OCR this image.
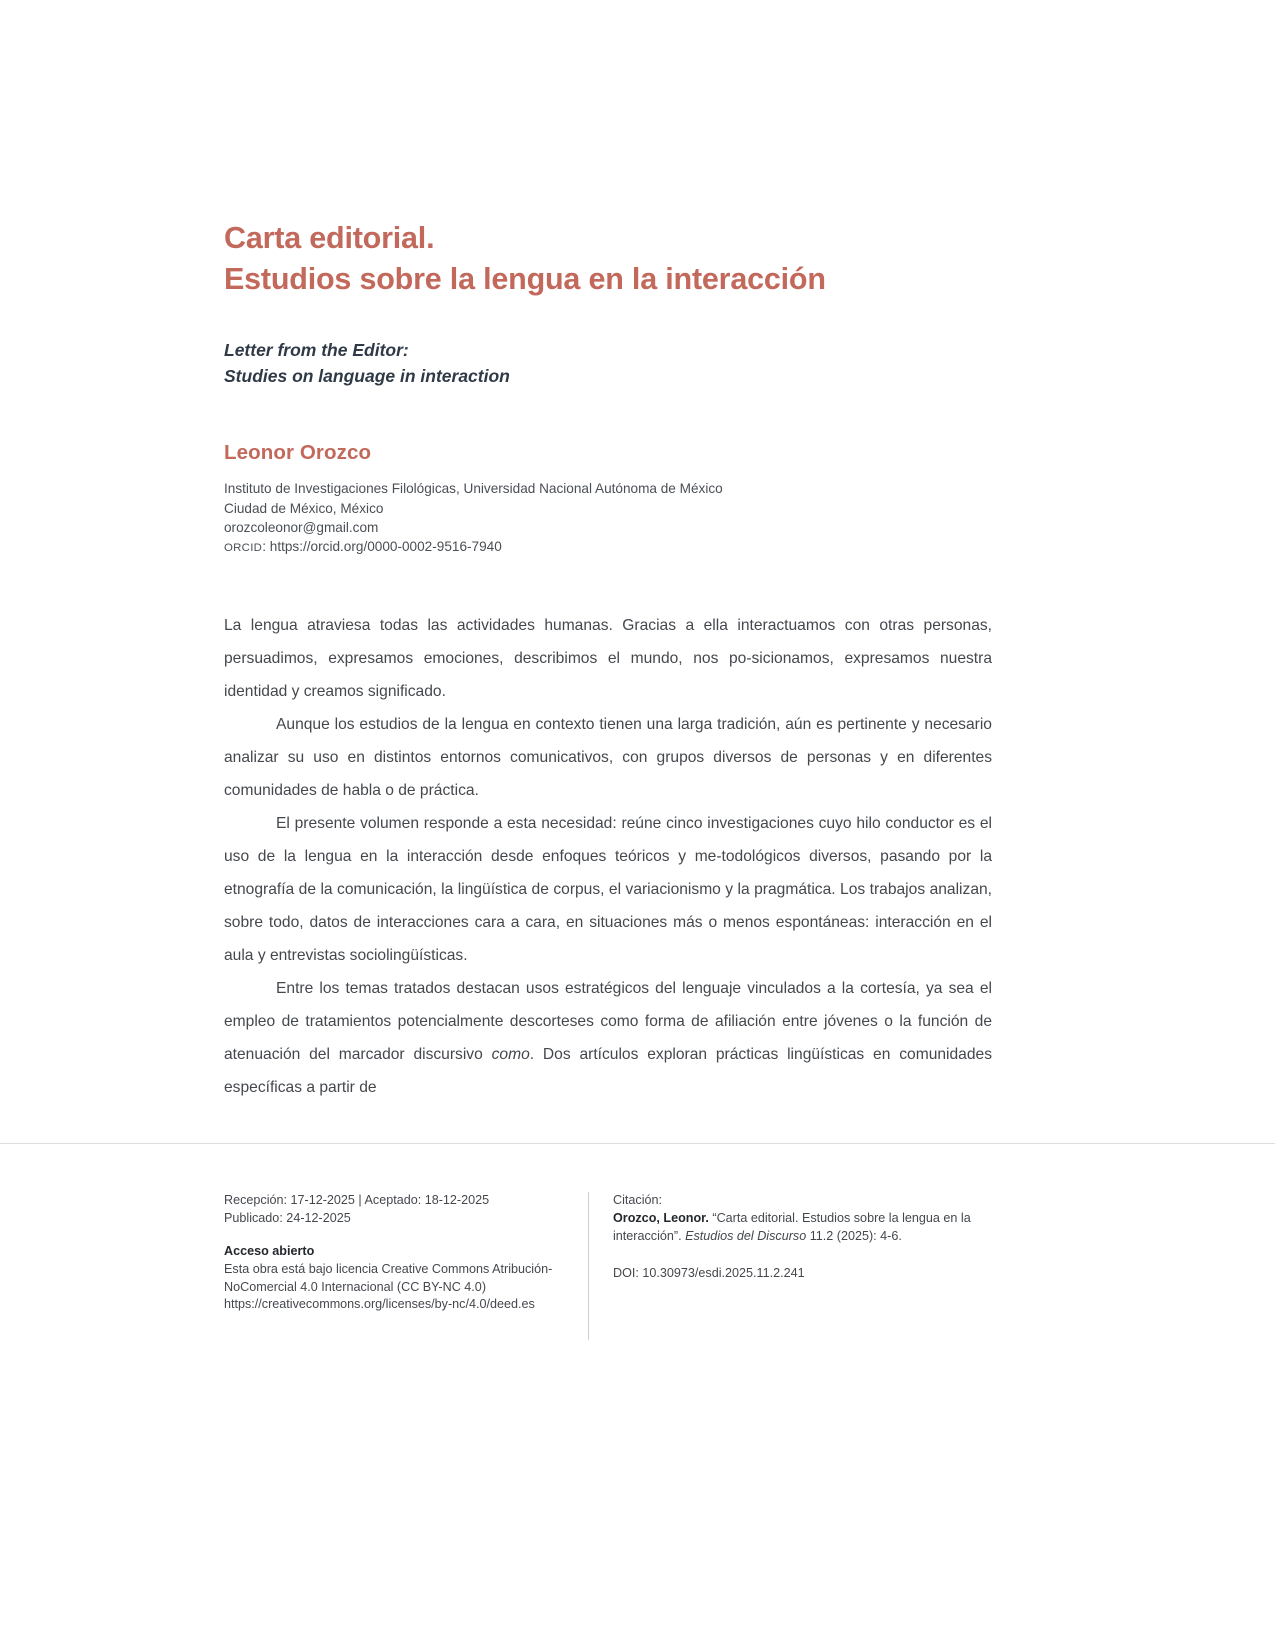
Carta editorial.
Estudios sobre la lengua en la interacción
Letter from the Editor:
Studies on language in interaction
Leonor Orozco
Instituto de Investigaciones Filológicas, Universidad Nacional Autónoma de México
Ciudad de México, México
orozcoleonor@gmail.com
ORCID: https://orcid.org/0000-0002-9516-7940

La lengua atraviesa todas las actividades humanas. Gracias a ella interactuamos con otras personas, persuadimos, expresamos emociones, describimos el mundo, nos po-sicionamos, expresamos nuestra identidad y creamos significado.

Aunque los estudios de la lengua en contexto tienen una larga tradición, aún es pertinente y necesario analizar su uso en distintos entornos comunicativos, con grupos diversos de personas y en diferentes comunidades de habla o de práctica.

El presente volumen responde a esta necesidad: reúne cinco investigaciones cuyo hilo conductor es el uso de la lengua en la interacción desde enfoques teóricos y me-todológicos diversos, pasando por la etnografía de la comunicación, la lingüística de corpus, el variacionismo y la pragmática. Los trabajos analizan, sobre todo, datos de interacciones cara a cara, en situaciones más o menos espontáneas: interacción en el aula y entrevistas sociolingüísticas.

Entre los temas tratados destacan usos estratégicos del lenguaje vinculados a la cortesía, ya sea el empleo de tratamientos potencialmente descorteses como forma de afiliación entre jóvenes o la función de atenuación del marcador discursivo como. Dos artículos exploran prácticas lingüísticas en comunidades específicas a partir de

Recepción: 17-12-2025 | Aceptado: 18-12-2025
Publicado: 24-12-2025
Acceso abierto
Esta obra está bajo licencia Creative Commons Atribución-NoComercial 4.0 Internacional (CC BY-NC 4.0) https://creativecommons.org/licenses/by-nc/4.0/deed.es
Citación:
Orozco, Leonor. “Carta editorial. Estudios sobre la lengua en la interacción”. Estudios del Discurso 11.2 (2025): 4-6.
DOI: 10.30973/esdi.2025.11.2.241
